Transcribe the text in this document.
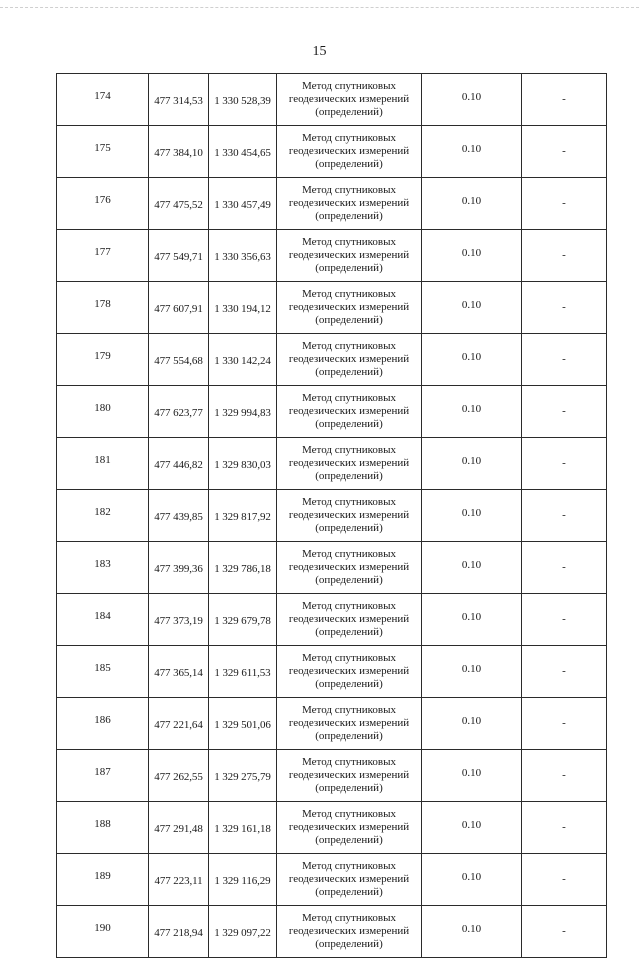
15
174	477 314,53	1 330 528,39	Метод спутниковых геодезических измерений (определений)	0.10	-
175	477 384,10	1 330 454,65	Метод спутниковых геодезических измерений (определений)	0.10	-
176	477 475,52	1 330 457,49	Метод спутниковых геодезических измерений (определений)	0.10	-
177	477 549,71	1 330 356,63	Метод спутниковых геодезических измерений (определений)	0.10	-
178	477 607,91	1 330 194,12	Метод спутниковых геодезических измерений (определений)	0.10	-
179	477 554,68	1 330 142,24	Метод спутниковых геодезических измерений (определений)	0.10	-
180	477 623,77	1 329 994,83	Метод спутниковых геодезических измерений (определений)	0.10	-
181	477 446,82	1 329 830,03	Метод спутниковых геодезических измерений (определений)	0.10	-
182	477 439,85	1 329 817,92	Метод спутниковых геодезических измерений (определений)	0.10	-
183	477 399,36	1 329 786,18	Метод спутниковых геодезических измерений (определений)	0.10	-
184	477 373,19	1 329 679,78	Метод спутниковых геодезических измерений (определений)	0.10	-
185	477 365,14	1 329 611,53	Метод спутниковых геодезических измерений (определений)	0.10	-
186	477 221,64	1 329 501,06	Метод спутниковых геодезических измерений (определений)	0.10	-
187	477 262,55	1 329 275,79	Метод спутниковых геодезических измерений (определений)	0.10	-
188	477 291,48	1 329 161,18	Метод спутниковых геодезических измерений (определений)	0.10	-
189	477 223,11	1 329 116,29	Метод спутниковых геодезических измерений (определений)	0.10	-
190	477 218,94	1 329 097,22	Метод спутниковых геодезических измерений (определений)	0.10	-
